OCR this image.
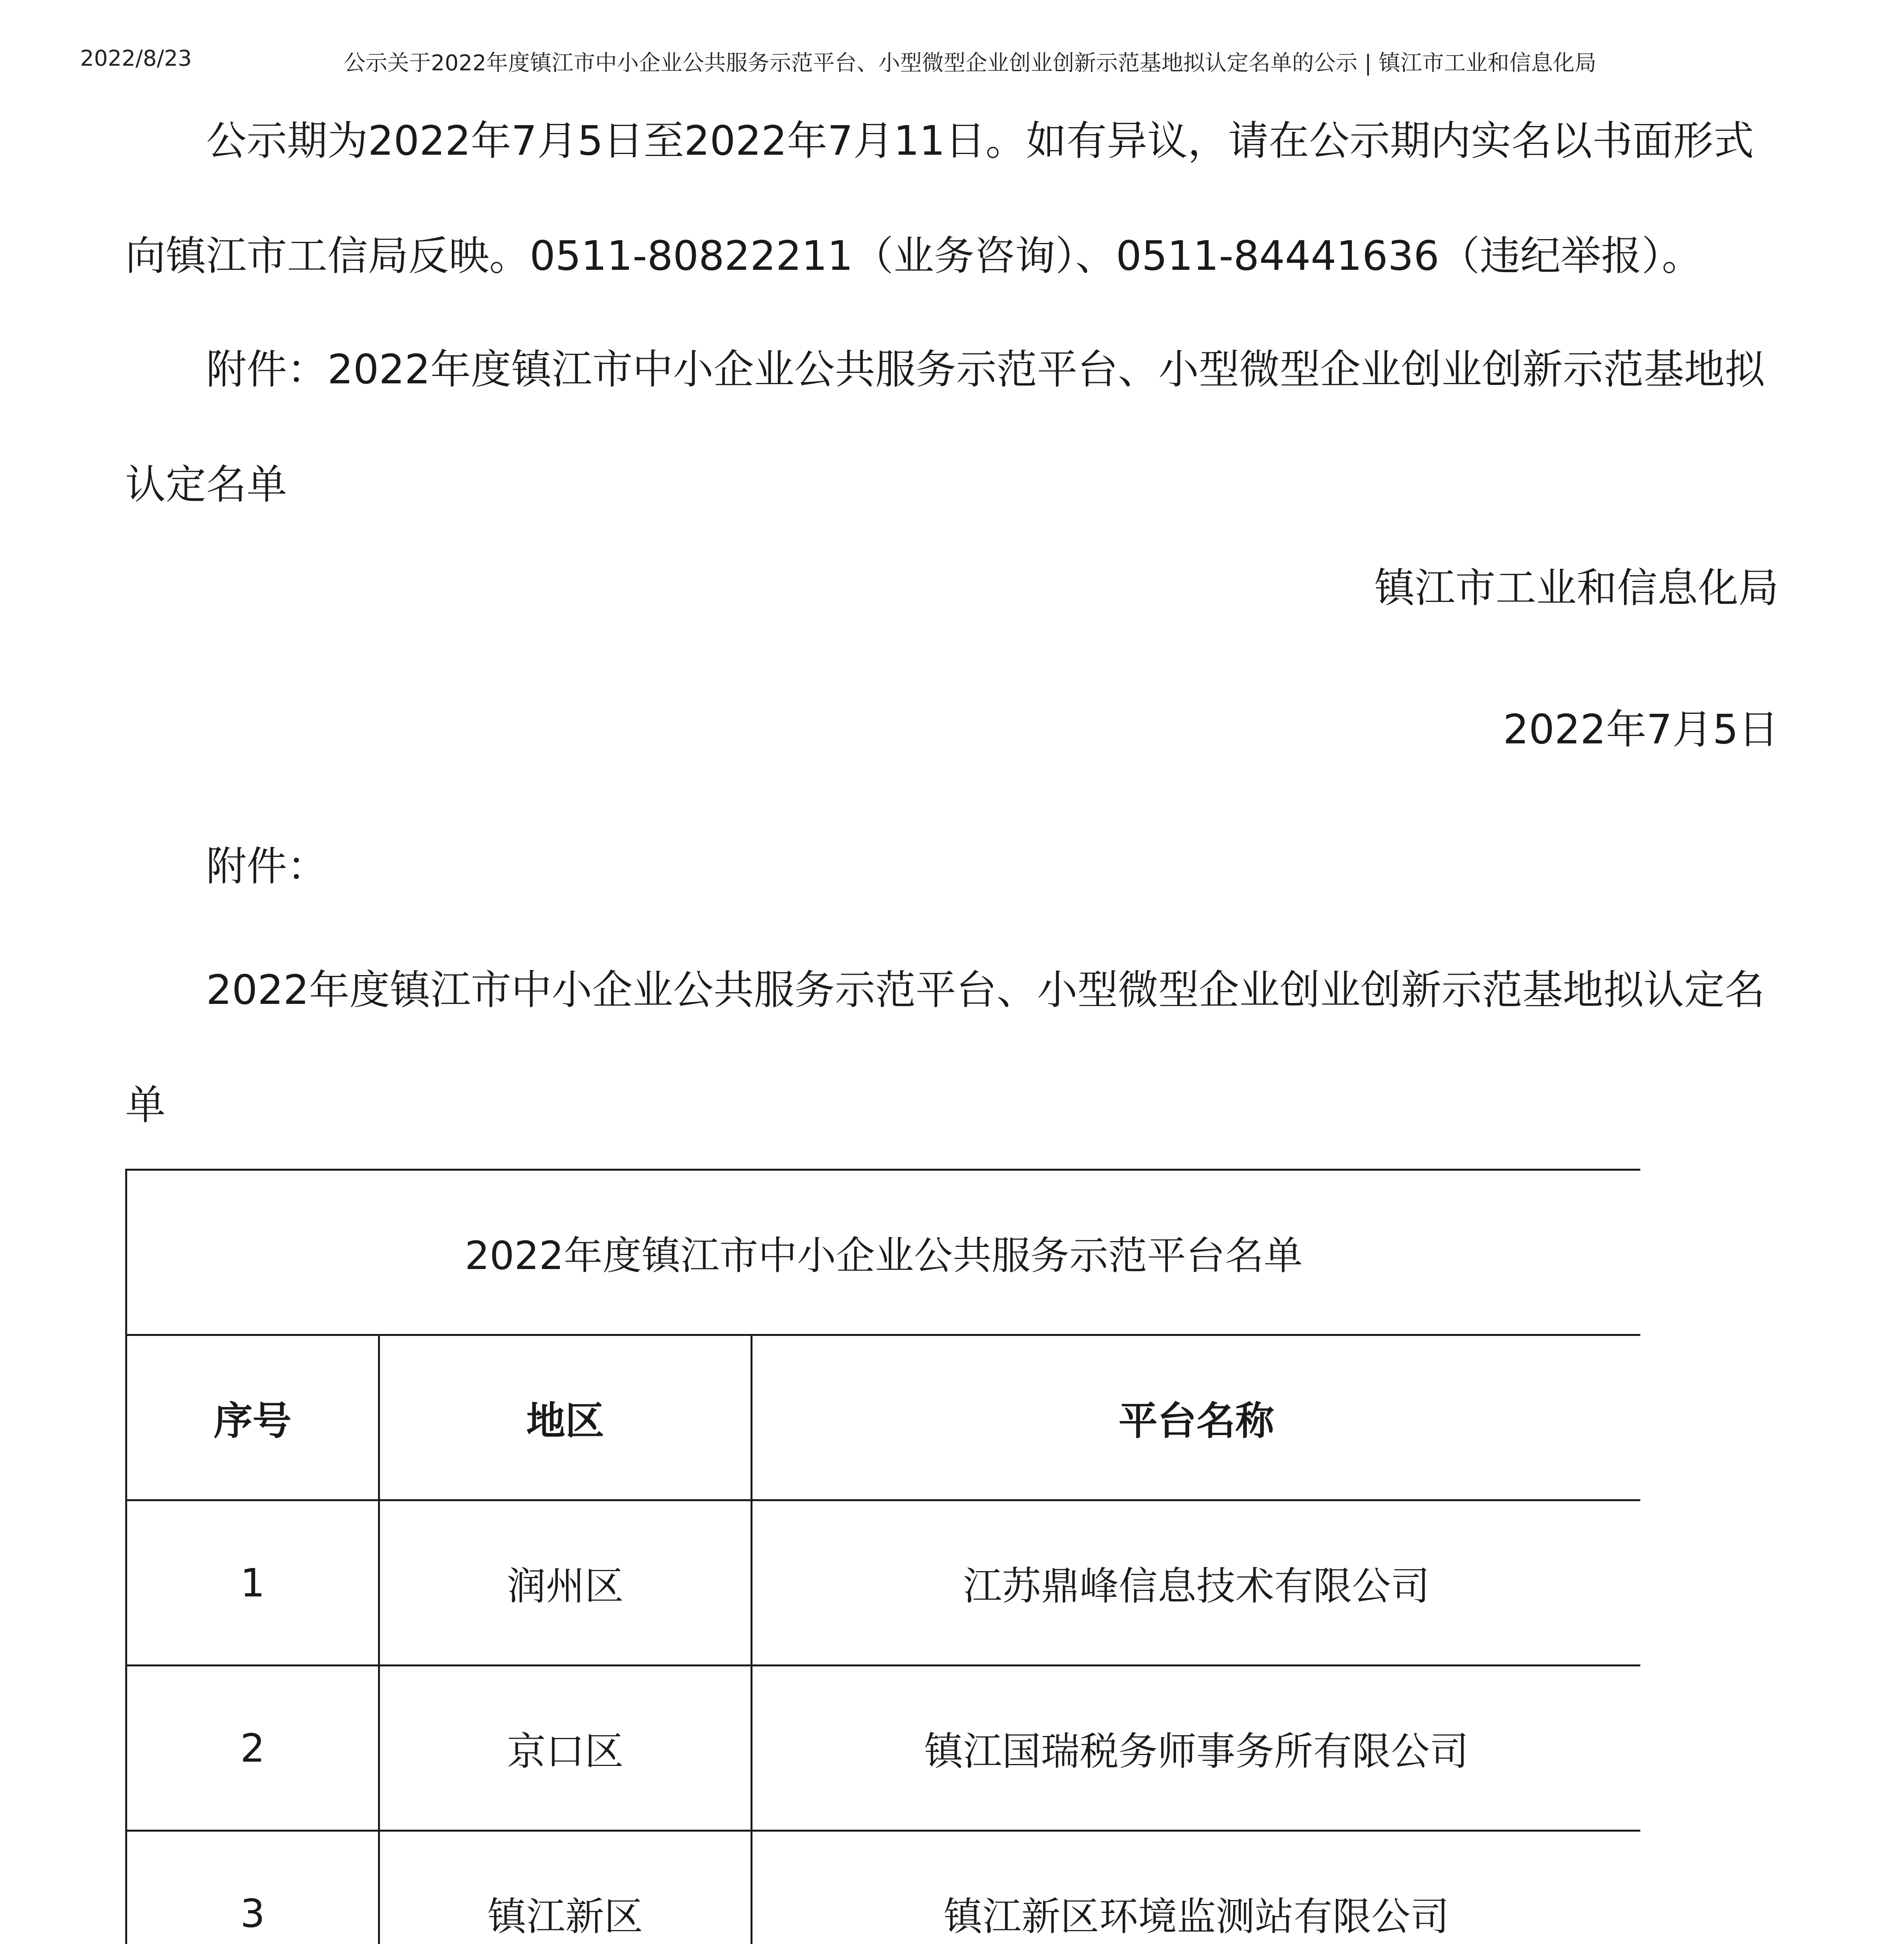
2022/8/23	公示关于2022年度镇江市中小企业公共服务示范平台、小型微型企业创业创新示范基地拟认定名单的公示 | 镇江市工业和信息化局
公示期为2022年7月5日至2022年7月11日。如有异议，请在公示期内实名以书面形式向镇江市工信局反映。0511-80822211（业务咨询）、0511-84441636（违纪举报）。
附件：2022年度镇江市中小企业公共服务示范平台、小型微型企业创业创新示范基地拟认定名单
镇江市工业和信息化局
2022年7月5日
附件：
2022年度镇江市中小企业公共服务示范平台、小型微型企业创业创新示范基地拟认定名单
2022年度镇江市中小企业公共服务示范平台名单		
序号	地区	平台名称
1	润州区	江苏鼎峰信息技术有限公司
2	京口区	镇江国瑞税务师事务所有限公司
3	镇江新区	镇江新区环境监测站有限公司
